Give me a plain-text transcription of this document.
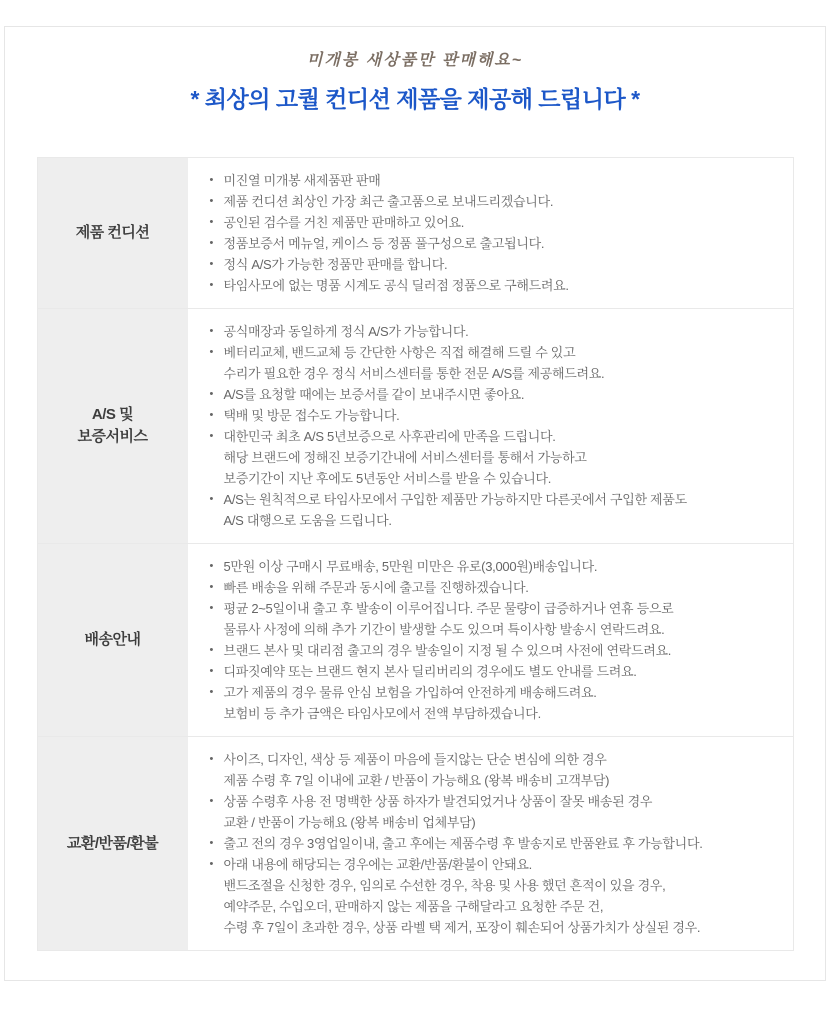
미개봉 새상품만 판매해요~
* 최상의 고퀄 컨디션 제품을 제공해 드립니다 *
제품 컨디션
• 미진열 미개봉 새제품판 판매
• 제품 컨디션 최상인 가장 최근 출고품으로 보내드리겠습니다.
• 공인된 검수를 거친 제품만 판매하고 있어요.
• 정품보증서 메뉴얼, 케이스 등 정품 풀구성으로 출고됩니다.
• 정식 A/S가 가능한 정품만 판매를 합니다.
• 타임사모에 없는 명품 시계도 공식 딜러점 정품으로 구해드려요.
A/S 및
보증서비스
• 공식매장과 동일하게 정식 A/S가 가능합니다.
• 베터리교체, 밴드교체 등 간단한 사항은 직접 해결해 드릴 수 있고
수리가 필요한 경우 정식 서비스센터를 통한 전문 A/S를 제공해드려요.
• A/S를 요청할 때에는 보증서를 같이 보내주시면 좋아요.
• 택배 및 방문 접수도 가능합니다.
• 대한민국 최초 A/S 5년보증으로 사후관리에 만족을 드립니다.
해당 브랜드에 정해진 보증기간내에 서비스센터를 통해서 가능하고
보증기간이 지난 후에도 5년동안 서비스를 받을 수 있습니다.
• A/S는 원칙적으로 타임사모에서 구입한 제품만 가능하지만 다른곳에서 구입한 제품도
A/S 대행으로 도움을 드립니다.
배송안내
• 5만원 이상 구매시 무료배송, 5만원 미만은 유로(3,000원)배송입니다.
• 빠른 배송을 위해 주문과 동시에 출고를 진행하겠습니다.
• 평균 2~5일이내 출고 후 발송이 이루어집니다. 주문 물량이 급증하거나 연휴 등으로
물류사 사정에 의해 추가 기간이 발생할 수도 있으며 특이사항 발송시 연락드려요.
• 브랜드 본사 및 대리점 출고의 경우 발송일이 지정 될 수 있으며 사전에 연락드려요.
• 디파짓예약 또는 브랜드 현지 본사 딜리버리의 경우에도 별도 안내를 드려요.
• 고가 제품의 경우 물류 안심 보험을 가입하여 안전하게 배송해드려요.
보험비 등 추가 금액은 타임사모에서 전액 부담하겠습니다.
교환/반품/환불
• 사이즈, 디자인, 색상 등 제품이 마음에 들지않는 단순 변심에 의한 경우
제품 수령 후 7일 이내에 교환 / 반품이 가능해요 (왕복 배송비 고객부담)
• 상품 수령후 사용 전 명백한 상품 하자가 발견되었거나 상품이 잘못 배송된 경우
교환 / 반품이 가능해요 (왕복 배송비 업체부담)
• 출고 전의 경우 3영업일이내, 출고 후에는 제품수령 후 발송지로 반품완료 후 가능합니다.
• 아래 내용에 해당되는 경우에는 교환/반품/환불이 안돼요.
밴드조절을 신청한 경우, 임의로 수선한 경우, 착용 및 사용 했던 흔적이 있을 경우,
예약주문, 수입오더, 판매하지 않는 제품을 구해달라고 요청한 주문 건,
수령 후 7일이 초과한 경우, 상품 라벨 택 제거, 포장이 훼손되어 상품가치가 상실된 경우.
